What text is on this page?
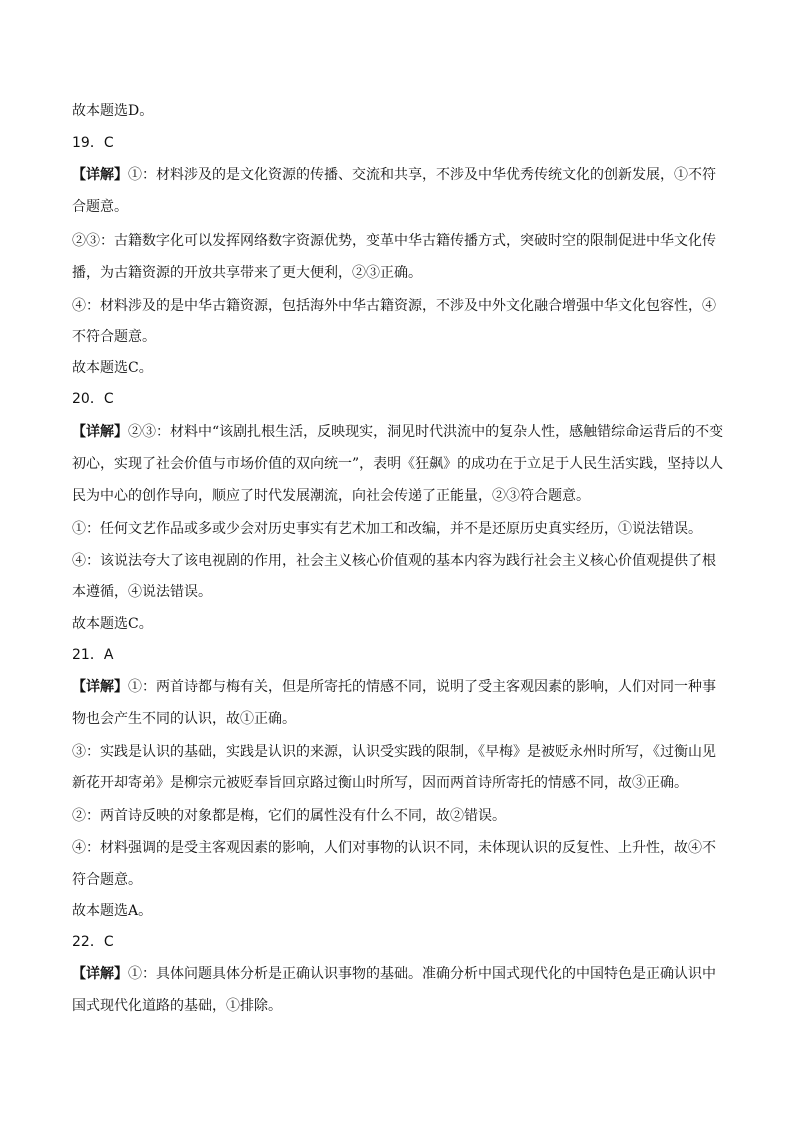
故本题选D。
19．C
【详解】①：材料涉及的是文化资源的传播、交流和共享，不涉及中华优秀传统文化的创新发展，①不符
合题意。
②③：古籍数字化可以发挥网络数字资源优势，变革中华古籍传播方式，突破时空的限制促进中华文化传
播，为古籍资源的开放共享带来了更大便利，②③正确。
④：材料涉及的是中华古籍资源，包括海外中华古籍资源，不涉及中外文化融合增强中华文化包容性，④
不符合题意。
故本题选C。
20．C
【详解】②③：材料中“该剧扎根生活，反映现实，洞见时代洪流中的复杂人性，感触错综命运背后的不变
初心，实现了社会价值与市场价值的双向统一”，表明《狂飙》的成功在于立足于人民生活实践，坚持以人
民为中心的创作导向，顺应了时代发展潮流，向社会传递了正能量，②③符合题意。
①：任何文艺作品或多或少会对历史事实有艺术加工和改编，并不是还原历史真实经历，①说法错误。
④：该说法夸大了该电视剧的作用，社会主义核心价值观的基本内容为践行社会主义核心价值观提供了根
本遵循，④说法错误。
故本题选C。
21．A
【详解】①：两首诗都与梅有关，但是所寄托的情感不同，说明了受主客观因素的影响，人们对同一种事
物也会产生不同的认识，故①正确。
③：实践是认识的基础，实践是认识的来源，认识受实践的限制，《早梅》是被贬永州时所写，《过衡山见
新花开却寄弟》是柳宗元被贬奉旨回京路过衡山时所写，因而两首诗所寄托的情感不同，故③正确。
②：两首诗反映的对象都是梅，它们的属性没有什么不同，故②错误。
④：材料强调的是受主客观因素的影响，人们对事物的认识不同，未体现认识的反复性、上升性，故④不
符合题意。
故本题选A。
22．C
【详解】①：具体问题具体分析是正确认识事物的基础。准确分析中国式现代化的中国特色是正确认识中
国式现代化道路的基础，①排除。
